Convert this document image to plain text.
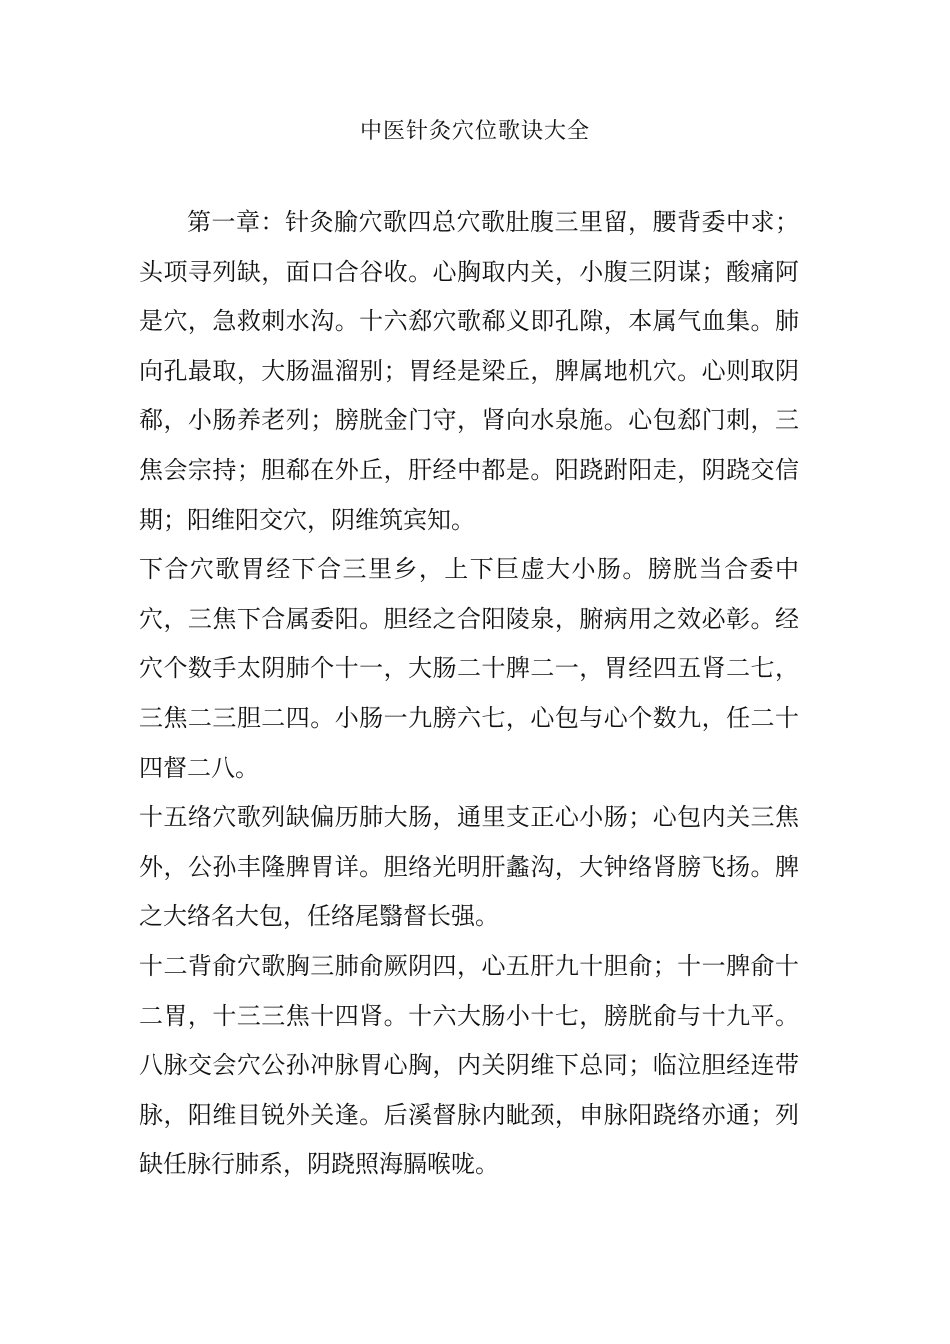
中医针灸穴位歌诀大全

第一章：针灸腧穴歌四总穴歌肚腹三里留，腰背委中求；头项寻列缺，面口合谷收。心胸取内关，小腹三阴谋；酸痛阿是穴，急救刺水沟。十六郄穴歌郗义即孔隙，本属气血集。肺向孔最取，大肠温溜别；胃经是梁丘，脾属地机穴。心则取阴郗，小肠养老列；膀胱金门守，肾向水泉施。心包郄门刺，三焦会宗持；胆郗在外丘，肝经中都是。阳跷跗阳走，阴跷交信期；阳维阳交穴，阴维筑宾知。

下合穴歌胃经下合三里乡，上下巨虚大小肠。膀胱当合委中穴，三焦下合属委阳。胆经之合阳陵泉，腑病用之效必彰。经穴个数手太阴肺个十一，大肠二十脾二一，胃经四五肾二七，三焦二三胆二四。小肠一九膀六七，心包与心个数九，任二十四督二八。

十五络穴歌列缺偏历肺大肠，通里支正心小肠；心包内关三焦外，公孙丰隆脾胃详。胆络光明肝蠡沟，大钟络肾膀飞扬。脾之大络名大包，任络尾翳督长强。

十二背俞穴歌胸三肺俞厥阴四，心五肝九十胆俞；十一脾俞十二胃，十三三焦十四肾。十六大肠小十七，膀胱俞与十九平。八脉交会穴公孙冲脉胃心胸，内关阴维下总同；临泣胆经连带脉，阳维目锐外关逢。后溪督脉内眦颈，申脉阳跷络亦通；列缺任脉行肺系，阴跷照海膈喉咙。
